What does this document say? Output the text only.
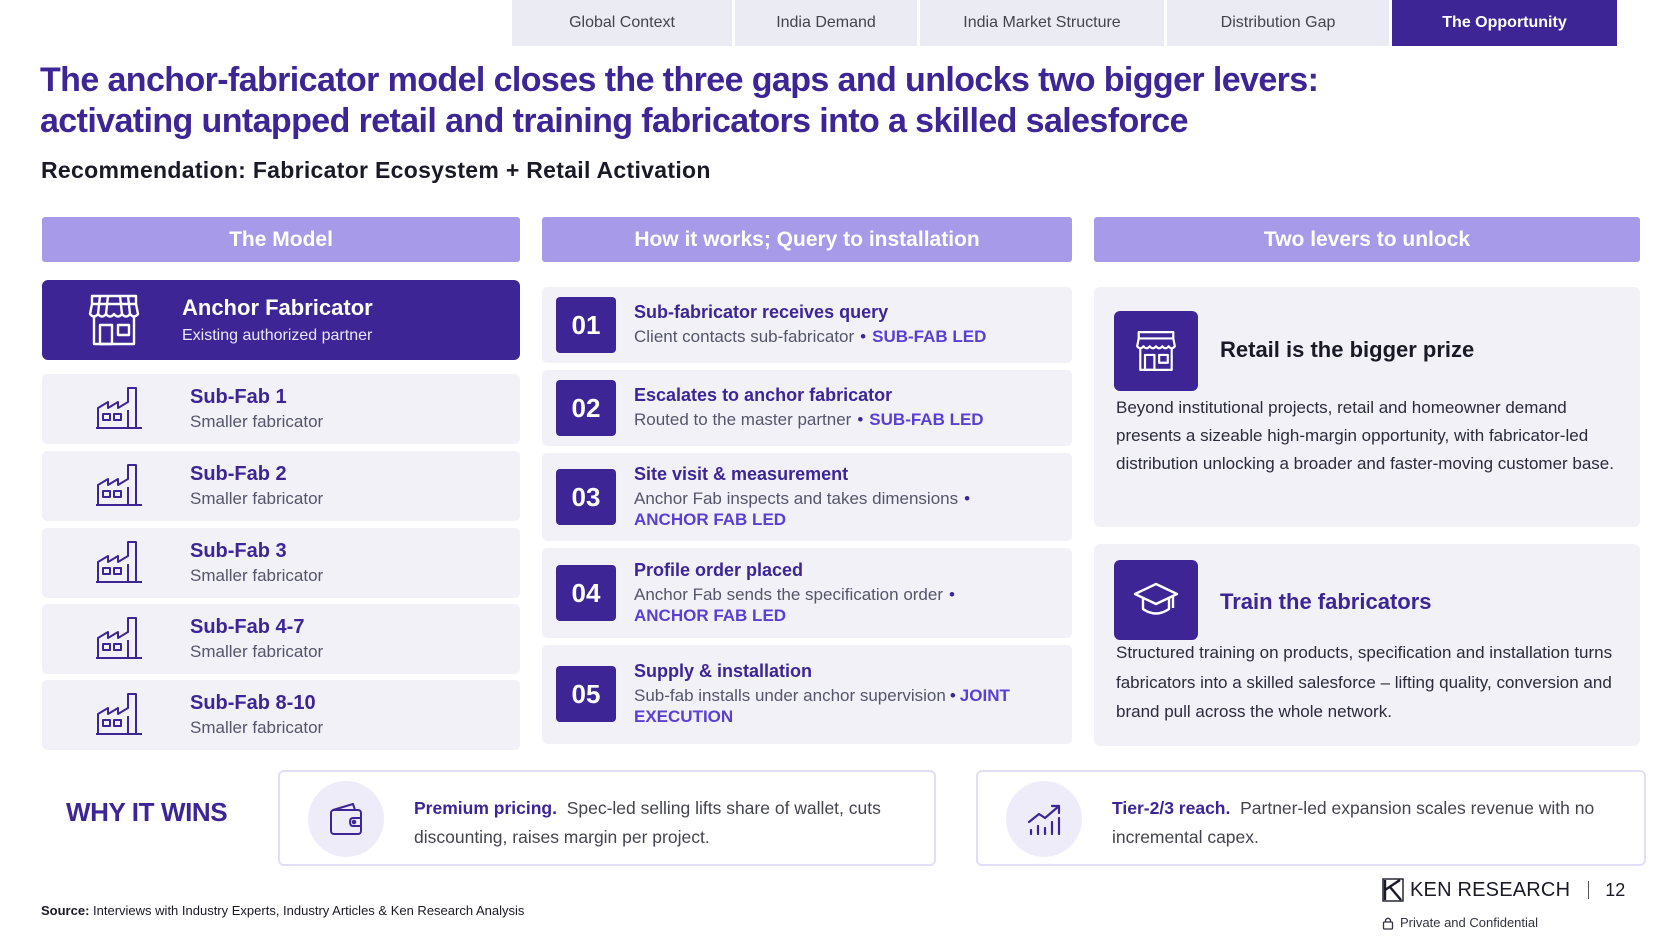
Global Context	India Demand	India Market Structure	Distribution Gap	The Opportunity
The anchor-fabricator model closes the three gaps and unlocks two bigger levers: activating untapped retail and training fabricators into a skilled salesforce
Recommendation: Fabricator Ecosystem + Retail Activation
The Model	How it works; Query to installation	Two levers to unlock
Anchor Fabricator
Existing authorized partner
Sub-Fab 1
Smaller fabricator
Sub-Fab 2
Smaller fabricator
Sub-Fab 3
Smaller fabricator
Sub-Fab 4-7
Smaller fabricator
Sub-Fab 8-10
Smaller fabricator
01	Sub-fabricator receives query
Client contacts sub-fabricator • SUB-FAB LED
02	Escalates to anchor fabricator
Routed to the master partner • SUB-FAB LED
03
Site visit & measurement
Anchor Fab inspects and takes dimensions •
ANCHOR FAB LED
04
Profile order placed
Anchor Fab sends the specification order •
ANCHOR FAB LED
05
Supply & installation
Sub-fab installs under anchor supervision • JOINT EXECUTION
Retail is the bigger prize
Beyond institutional projects, retail and homeowner demand presents a sizeable high-margin opportunity, with fabricator-led distribution unlocking a broader and faster-moving customer base.
Train the fabricators
Structured training on products, specification and installation turns fabricators into a skilled salesforce – lifting quality, conversion and brand pull across the whole network.
WHY IT WINS	Premium pricing. Spec-led selling lifts share of wallet, cuts discounting, raises margin per project.
Tier-2/3 reach. Partner-led expansion scales revenue with no incremental capex.
Source: Interviews with Industry Experts, Industry Articles & Ken Research Analysis
KEN RESEARCH 12
Private and Confidential
